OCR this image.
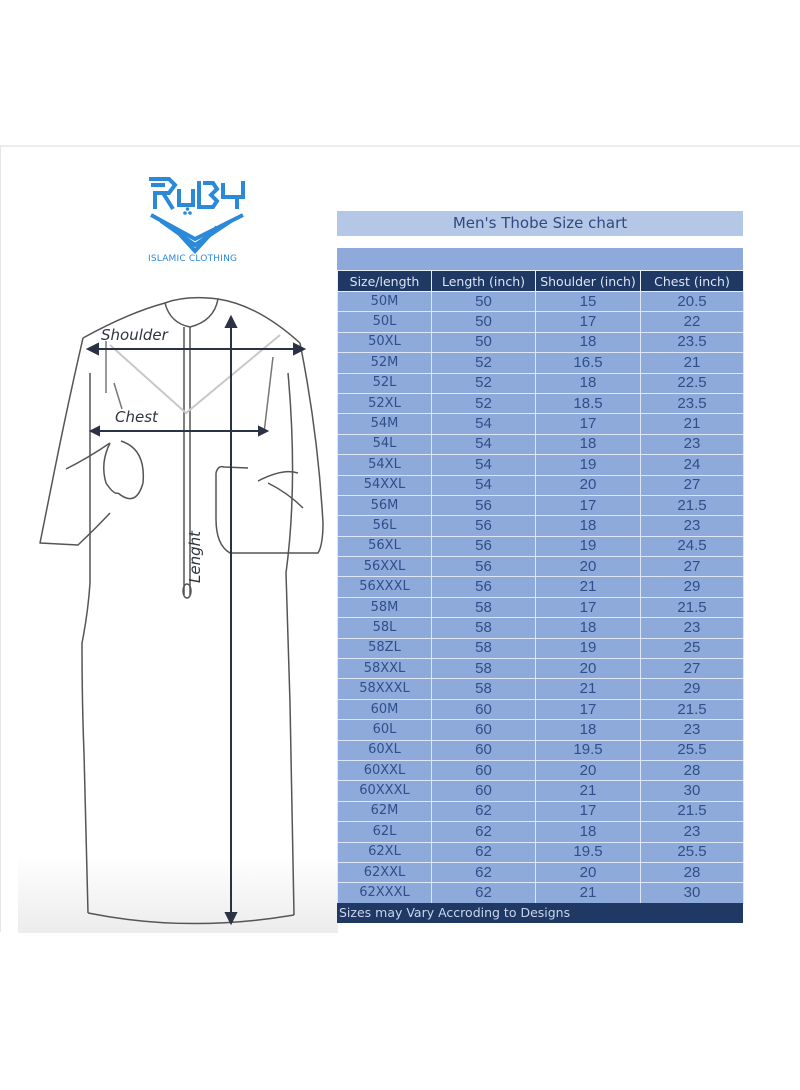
ISLAMIC CLOTHING
Shoulder
Chest
Lenght
Men's Thobe Size chart
Size/length	Length (inch)	Shoulder (inch)	Chest (inch)
50M	50	15	20.5
50L	50	17	22
50XL	50	18	23.5
52M	52	16.5	21
52L	52	18	22.5
52XL	52	18.5	23.5
54M	54	17	21
54L	54	18	23
54XL	54	19	24
54XXL	54	20	27
56M	56	17	21.5
56L	56	18	23
56XL	56	19	24.5
56XXL	56	20	27
56XXXL	56	21	29
58M	58	17	21.5
58L	58	18	23
58ZL	58	19	25
58XXL	58	20	27
58XXXL	58	21	29
60M	60	17	21.5
60L	60	18	23
60XL	60	19.5	25.5
60XXL	60	20	28
60XXXL	60	21	30
62M	62	17	21.5
62L	62	18	23
62XL	62	19.5	25.5
62XXL	62	20	28
62XXXL	62	21	30
Sizes may Vary Accroding to Designs
